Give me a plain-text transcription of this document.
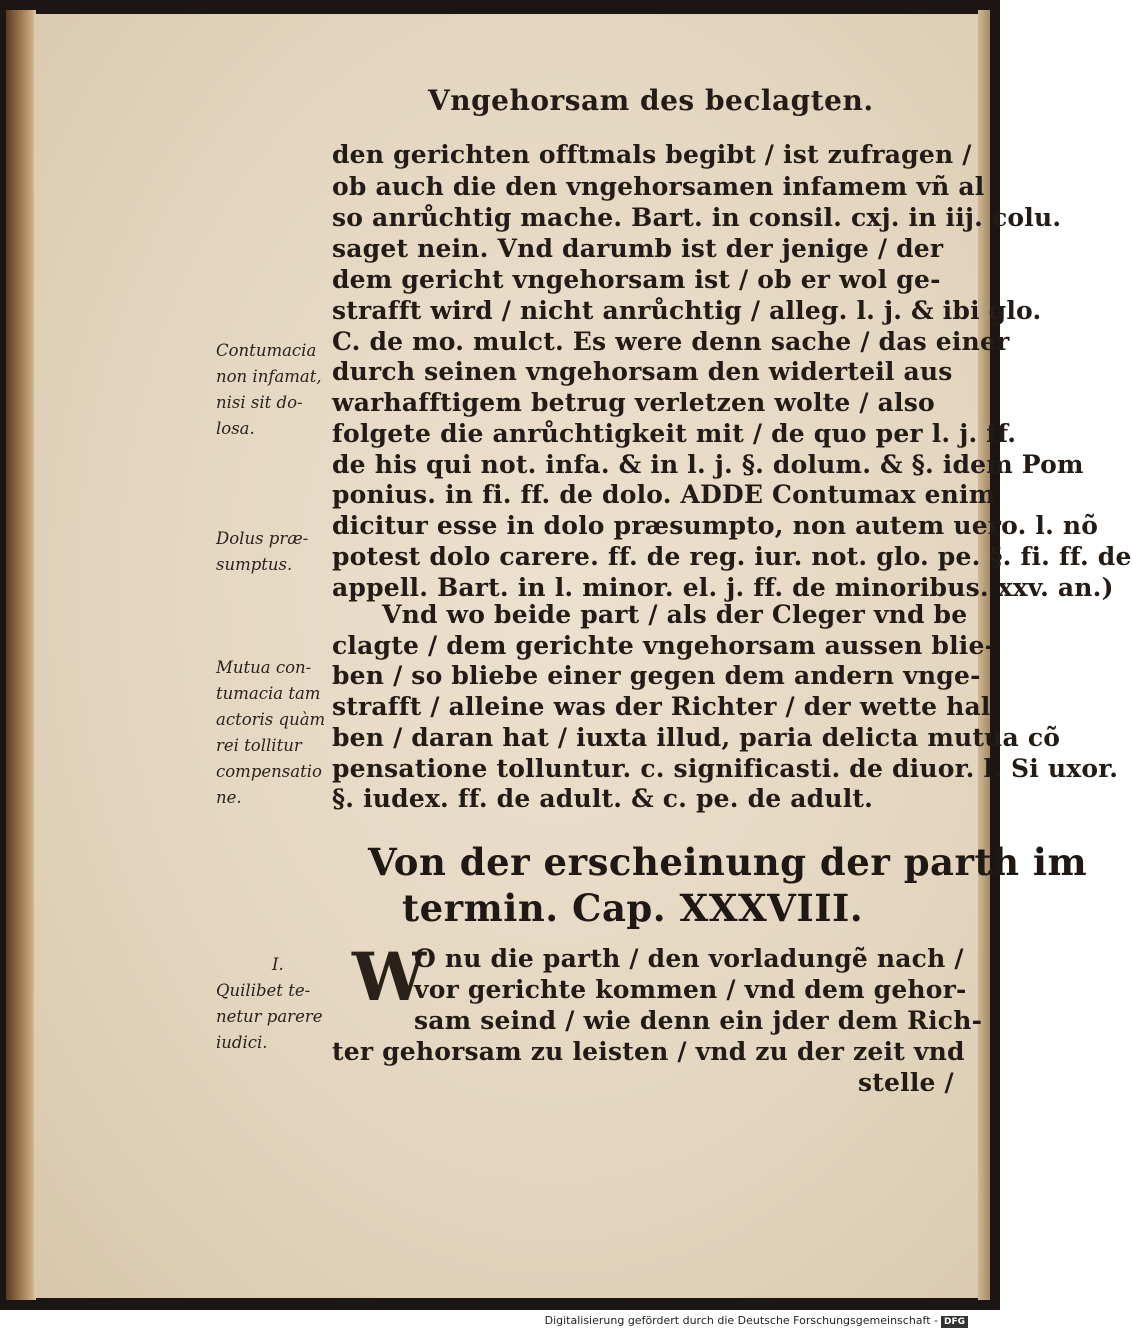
Vngehorsam des beclagten.
den gerichten offtmals begibt / ist zufragen /
ob auch die den vngehorsamen infamem vñ al
so anrůchtig mache. Bart. in consil. cxj. in iij. colu.
saget nein. Vnd darumb ist der jenige / der
dem gericht vngehorsam ist / ob er wol ge-
strafft wird / nicht anrůchtig / alleg. l. j. & ibi glo.
C. de mo. mulct. Es were denn sache / das einer
durch seinen vngehorsam den widerteil aus
warhafftigem betrug verletzen wolte / also
folgete die anrůchtigkeit mit / de quo per l. j. ff.
de his qui not. infa. & in l. j. §. dolum. & §. idem Pom
ponius. in fi. ff. de dolo. ADDE Contumax enim
dicitur esse in dolo præsumpto, non autem uero. l. nõ
potest dolo carere. ff. de reg. iur. not. glo. pe. §. fi. ff. de
appell. Bart. in l. minor. el. j. ff. de minoribus. xxv. an.)
Vnd wo beide part / als der Cleger vnd be
clagte / dem gerichte vngehorsam aussen blie-
ben / so bliebe einer gegen dem andern vnge-
strafft / alleine was der Richter / der wette hal
ben / daran hat / iuxta illud, paria delicta mutua cõ
pensatione tolluntur. c. significasti. de diuor. l. Si uxor.
§. iudex. ff. de adult. & c. pe. de adult.
Von der erscheinung der parth im
termin. Cap. XXXVIII.
W
O nu die parth / den vorladungẽ nach /
vor gerichte kommen / vnd dem gehor-
sam seind / wie denn ein jder dem Rich-
ter gehorsam zu leisten / vnd zu der zeit vnd
stelle /
Contumacia
non infamat,
nisi sit do-
losa.
Dolus præ-
sumptus.
Mutua con-
tumacia tam
actoris quàm
rei tollitur
compensatio
ne.
I.
Quilibet te-
netur parere
iudici.
Digitalisierung gefördert durch die Deutsche Forschungsgemeinschaft - DFG
